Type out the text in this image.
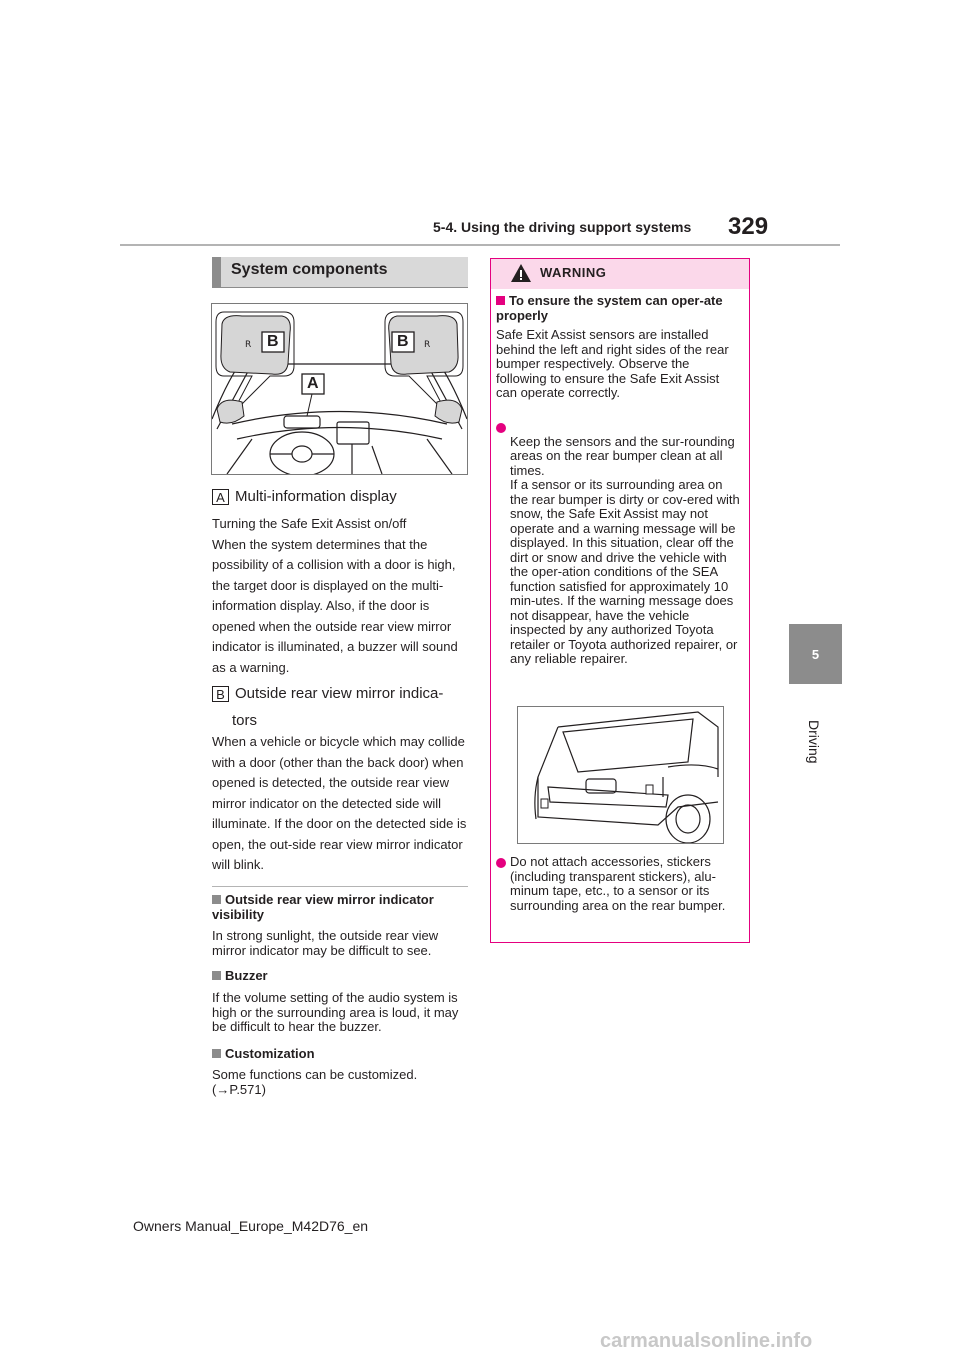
5-4. Using the driving support systems 329
5
Driving
System components
R	R
B	B
A
A Multi-information display
Turning the Safe Exit Assist on/off
When the system determines that the possibility of a collision with a door is high, the target door is displayed on the multi-information display. Also, if the door is opened when the outside rear view mirror indicator is illuminated, a buzzer will sound as a warning.
B Outside rear view mirror indica-
tors
When a vehicle or bicycle which may collide with a door (other than the back door) when opened is detected, the outside rear view mirror indicator on the detected side will illuminate. If the door on the detected side is open, the out-side rear view mirror indicator will blink.
Outside rear view mirror indicator visibility
In strong sunlight, the outside rear view mirror indicator may be difficult to see.
Buzzer
If the volume setting of the audio system is high or the surrounding area is loud, it may be difficult to hear the buzzer.
Customization
Some functions can be customized. (→P.571)
WARNING
To ensure the system can oper-ate properly
Safe Exit Assist sensors are installed behind the left and right sides of the rear bumper respectively. Observe the following to ensure the Safe Exit Assist can operate correctly.

Keep the sensors and the sur-rounding areas on the rear bumper clean at all times.
If a sensor or its surrounding area on the rear bumper is dirty or cov-ered with snow, the Safe Exit Assist may not operate and a warning message will be displayed. In this situation, clear off the dirt or snow and drive the vehicle with the oper-ation conditions of the SEA function satisfied for approximately 10 min-utes. If the warning message does not disappear, have the vehicle inspected by any authorized Toyota retailer or Toyota authorized repairer, or any reliable repairer.

Do not attach accessories, stickers (including transparent stickers), alu-minum tape, etc., to a sensor or its surrounding area on the rear bumper.
Owners Manual_Europe_M42D76_en
carmanualsonline.info
